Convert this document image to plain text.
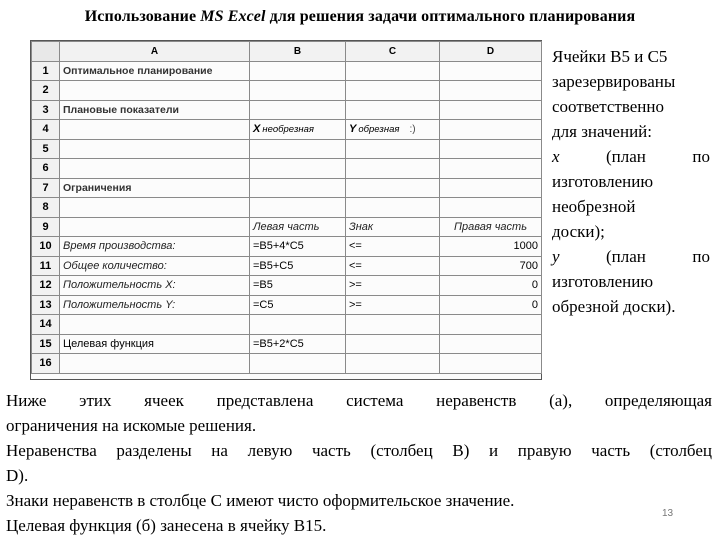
Использование MS Excel для решения задачи оптимального планирования
	A	B	C	D
1	Оптимальное планирование			
2				
3	Плановые показатели			
4		X необрезная	Y обрезная :)	
5				
6				
7	Ограничения			
8				
9		Левая часть	Знак	Правая часть
10	Время производства:	=B5+4*C5	<=	1000
11	Общее количество:	=B5+C5	<=	700
12	Положительность X:	=B5	>=	0
13	Положительность Y:	=C5	>=	0
14				
15	Целевая функция	=B5+2*C5		
16				
Ячейки В5 и С5
зарезервированы
соответственно
для значений:
x	(план	по
изготовлению
необрезной
доски);
y	(план	по
изготовлению
обрезной доски).
Ниже этих ячеек представлена система неравенств (а), определяющая
ограничения на искомые решения.
Неравенства разделены на левую часть (столбец В) и правую часть (столбец
D).
Знаки неравенств в столбце С имеют чисто оформительское значение.
Целевая функция (б) занесена в ячейку В15.
13
